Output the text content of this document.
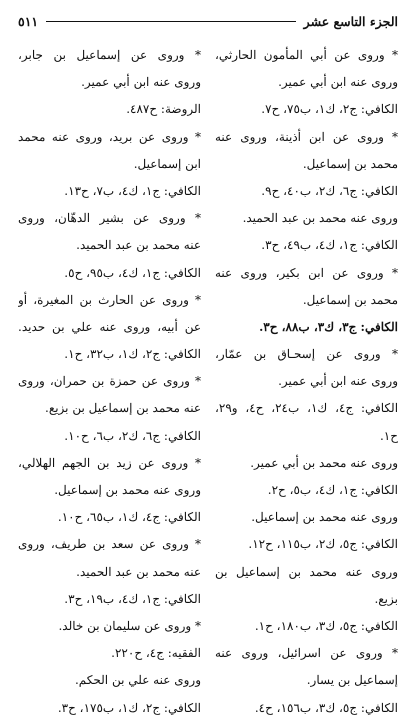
الجزء التاسع عشر
٥١١
* وروى عن أبي المأمون الحارثي،
وروى عنه ابن أبي عمير.
الكافي: ج٢، ك١، ب٧٥، ح٧.
* وروى عن ابن أذينة، وروى عنه
محمد بن إسماعيل.
الكافي: ج٦، ك٢، ب٤٠، ح٩.
وروى عنه محمد بن عبد الحميد.
الكافي: ج١، ك٤، ب٤٩، ح٣.
* وروى عن ابن بكير، وروى عنه
محمد بن إسماعيل.
الكافي: ج٣، ك٣، ب٨٨، ح٣.
* وروى عن إسحـاق بن عمّار،
وروى عنه ابن أبي عمير.
الكافي: ج٤، ك١، ب٢٤، ح٤، و٢٩،
ح١.
وروى عنه محمد بن أبي عمير.
الكافي: ج١، ك٤، ب٥، ح٢.
وروى عنه محمد بن إسماعيل.
الكافي: ج٥، ك٢، ب١١٥، ح١٢.
وروى عنه محمد بن إسماعيل بن
بزيع.
الكافي: ج٥، ك٣، ب١٨٠، ح١.
* وروى عن اسرائيل، وروى عنه
إسماعيل بن يسار.
الكافي: ج٥، ك٣، ب١٥٦، ح٤.
* وروى عن إسماعيل بن جابر،
وروى عنه ابن أبي عمير.
الروضة: ح٤٨٧.
* وروى عن بريد، وروى عنه محمد
ابن إسماعيل.
الكافي: ج١، ك٤، ب٧، ح١٣.
* وروى عن بشير الدهّان، وروى
عنه محمد بن عبد الحميد.
الكافي: ج١، ك٤، ب٩٥، ح٥.
* وروى عن الحارث بن المغيرة، أو
عن أبيه، وروى عنه علي بن حديد.
الكافي: ج٢، ك١، ب٣٢، ح١.
* وروى عن حمزة بن حمران، وروى
عنه محمد بن إسماعيل بن بزيع.
الكافي: ج٦، ك٢، ب٦، ح١٠.
* وروى عن زيد بن الجهم الهلالي،
وروى عنه محمد بن إسماعيل.
الكافي: ج٤، ك١، ب٦٥، ح١٠.
* وروى عن سعد بن طريف، وروى
عنه محمد بن عبد الحميد.
الكافي: ج١، ك٤، ب١٩، ح٣.
* وروى عن سليمان بن خالد.
الفقيه: ج٤، ح٢٢٠.
وروى عنه علي بن الحكم.
الكافي: ج٢، ك١، ب١٧٥، ح٣.
